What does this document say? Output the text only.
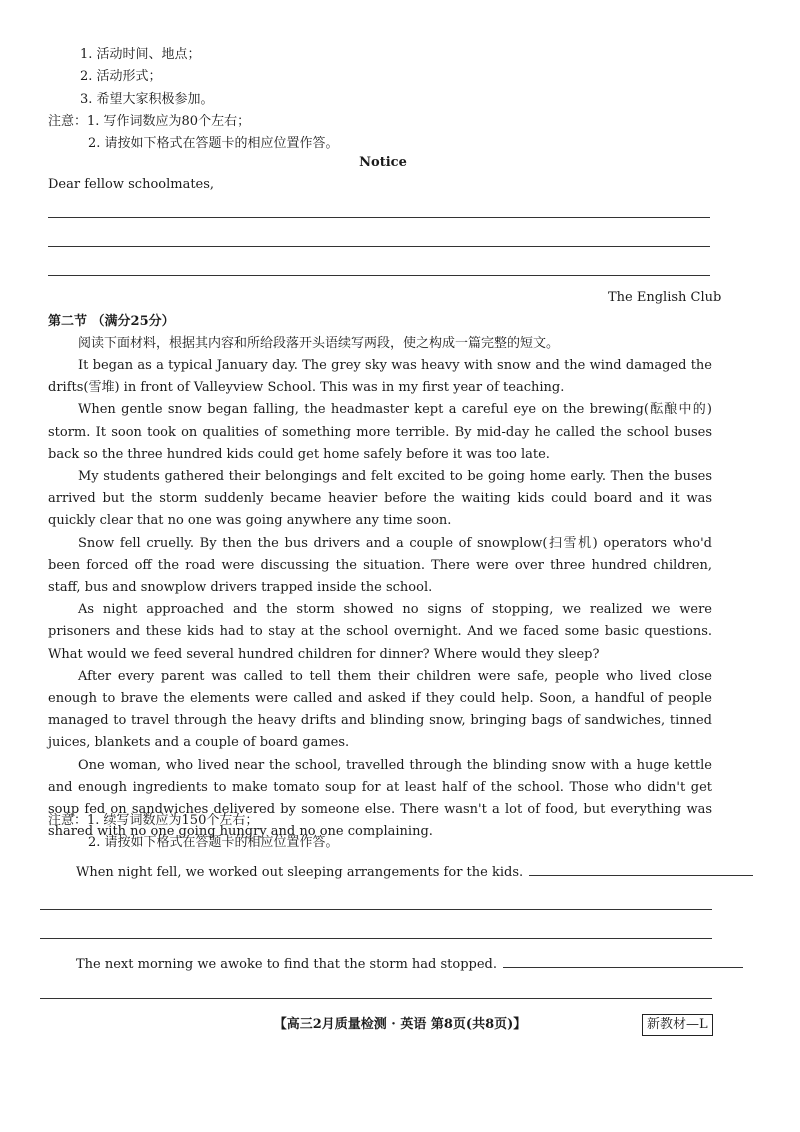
1. 活动时间、地点；
2. 活动形式；
3. 希望大家积极参加。
注意：1. 写作词数应为80个左右；
2. 请按如下格式在答题卡的相应位置作答。
Notice
Dear fellow schoolmates,
The English Club
第二节 （满分25分）
阅读下面材料，根据其内容和所给段落开头语续写两段，使之构成一篇完整的短文。

It began as a typical January day. The grey sky was heavy with snow and the wind damaged the drifts(雪堆) in front of Valleyview School. This was in my first year of teaching.

When gentle snow began falling, the headmaster kept a careful eye on the brewing(酝酿中的) storm. It soon took on qualities of something more terrible. By mid-day he called the school buses back so the three hundred kids could get home safely before it was too late.

My students gathered their belongings and felt excited to be going home early. Then the buses arrived but the storm suddenly became heavier before the waiting kids could board and it was quickly clear that no one was going anywhere any time soon.

Snow fell cruelly. By then the bus drivers and a couple of snowplow(扫雪机) operators who'd been forced off the road were discussing the situation. There were over three hundred children, staff, bus and snowplow drivers trapped inside the school.

As night approached and the storm showed no signs of stopping, we realized we were prisoners and these kids had to stay at the school overnight. And we faced some basic questions. What would we feed several hundred children for dinner? Where would they sleep?

After every parent was called to tell them their children were safe, people who lived close enough to brave the elements were called and asked if they could help. Soon, a handful of people managed to travel through the heavy drifts and blinding snow, bringing bags of sandwiches, tinned juices, blankets and a couple of board games.

One woman, who lived near the school, travelled through the blinding snow with a huge kettle and enough ingredients to make tomato soup for at least half of the school. Those who didn't get soup fed on sandwiches delivered by someone else. There wasn't a lot of food, but everything was shared with no one going hungry and no one complaining.

注意：1. 续写词数应为150个左右；
2. 请按如下格式在答题卡的相应位置作答。
When night fell, we worked out sleeping arrangements for the kids.
The next morning we awoke to find that the storm had stopped.
【高三2月质量检测 · 英语 第8页(共8页)】	新教材—L
